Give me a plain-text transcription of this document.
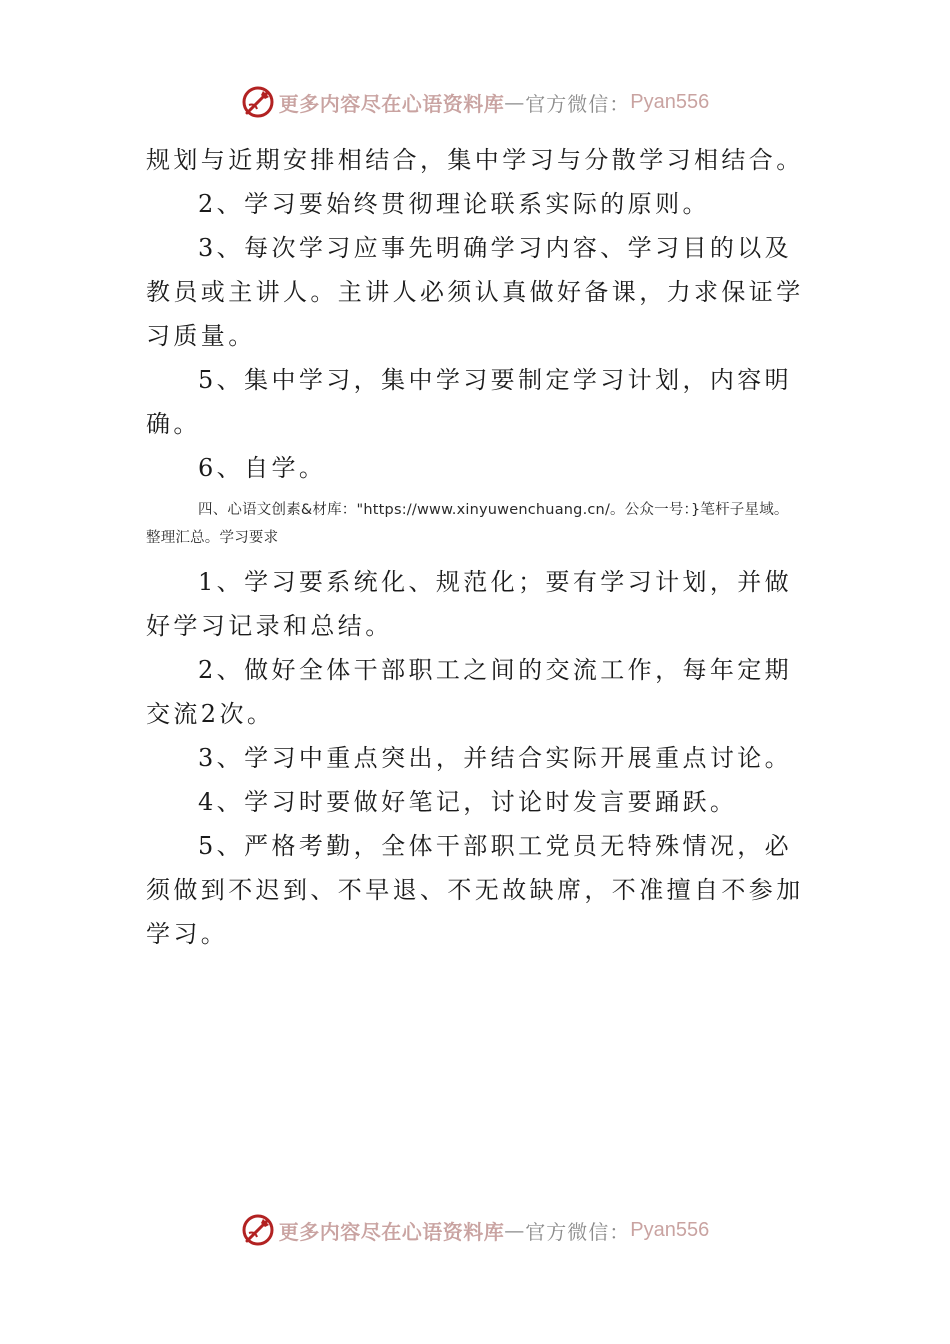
更多内容尽在心语资料库 — 官方微信： Pyan556

规划与近期安排相结合，集中学习与分散学习相结合。

2、学习要始终贯彻理论联系实际的原则。

3、每次学习应事先明确学习内容、学习目的以及教员或主讲人。主讲人必须认真做好备课，力求保证学习质量。

5、集中学习，集中学习要制定学习计划，内容明确。

6、自学。

四、心语文创素&材库："https://www.xinyuwenchuang.cn/。公众一号：}笔杆子星域。
整理汇总。学习要求

1、学习要系统化、规范化；要有学习计划，并做好学习记录和总结。

2、做好全体干部职工之间的交流工作，每年定期交流2次。

3、学习中重点突出，并结合实际开展重点讨论。

4、学习时要做好笔记，讨论时发言要踊跃。

5、严格考勤，全体干部职工党员无特殊情况，必须做到不迟到、不早退、不无故缺席，不准擅自不参加学习。

更多内容尽在心语资料库 — 官方微信： Pyan556
